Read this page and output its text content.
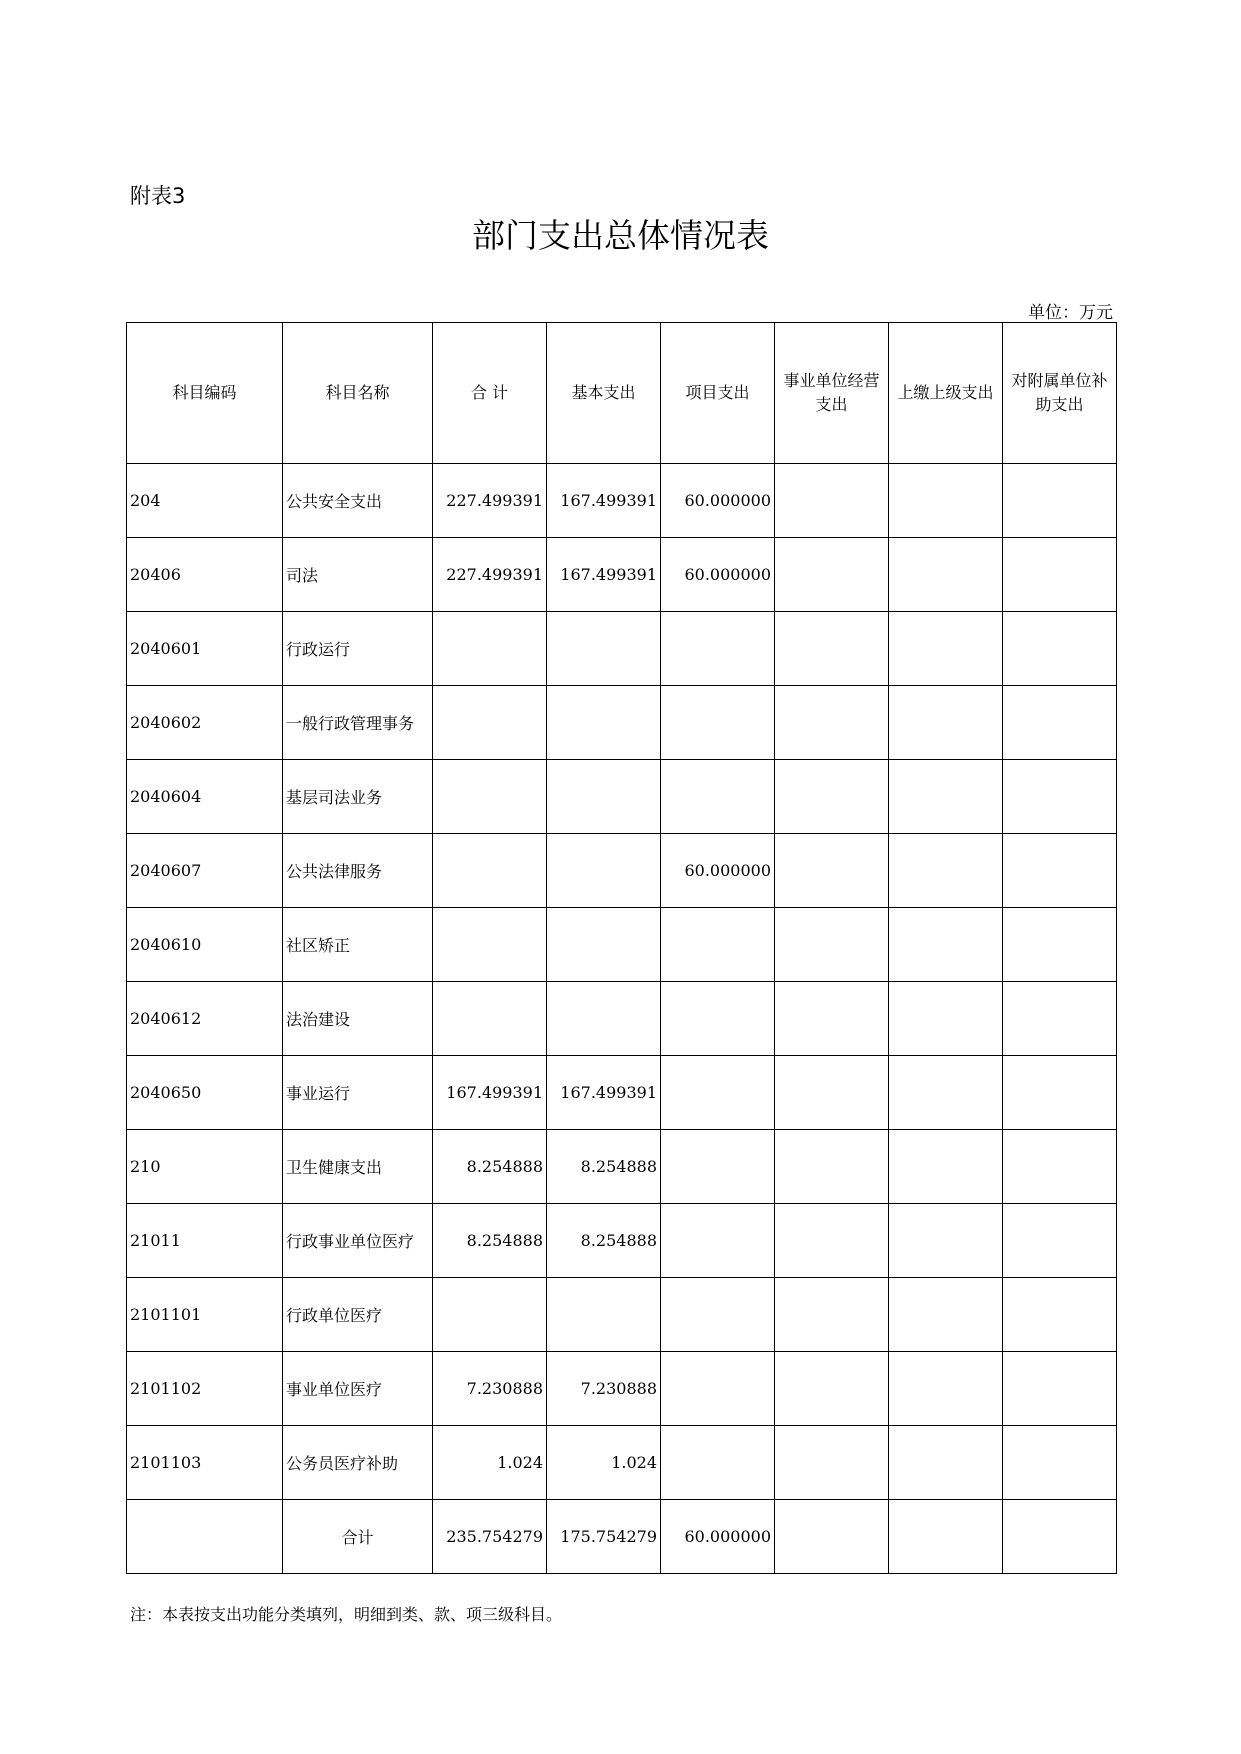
附表3
部门支出总体情况表
单位：万元
科目编码	科目名称	合 计	基本支出	项目支出	事业单位经营支出	上缴上级支出	对附属单位补助支出
204	公共安全支出	227.499391	167.499391	60.000000			
20406	司法	227.499391	167.499391	60.000000			
2040601	行政运行						
2040602	一般行政管理事务						
2040604	基层司法业务						
2040607	公共法律服务			60.000000			
2040610	社区矫正						
2040612	法治建设						
2040650	事业运行	167.499391	167.499391				
210	卫生健康支出	8.254888	8.254888				
21011	行政事业单位医疗	8.254888	8.254888				
2101101	行政单位医疗						
2101102	事业单位医疗	7.230888	7.230888				
2101103	公务员医疗补助	1.024	1.024				
	合计	235.754279	175.754279	60.000000			
注：本表按支出功能分类填列，明细到类、款、项三级科目。
